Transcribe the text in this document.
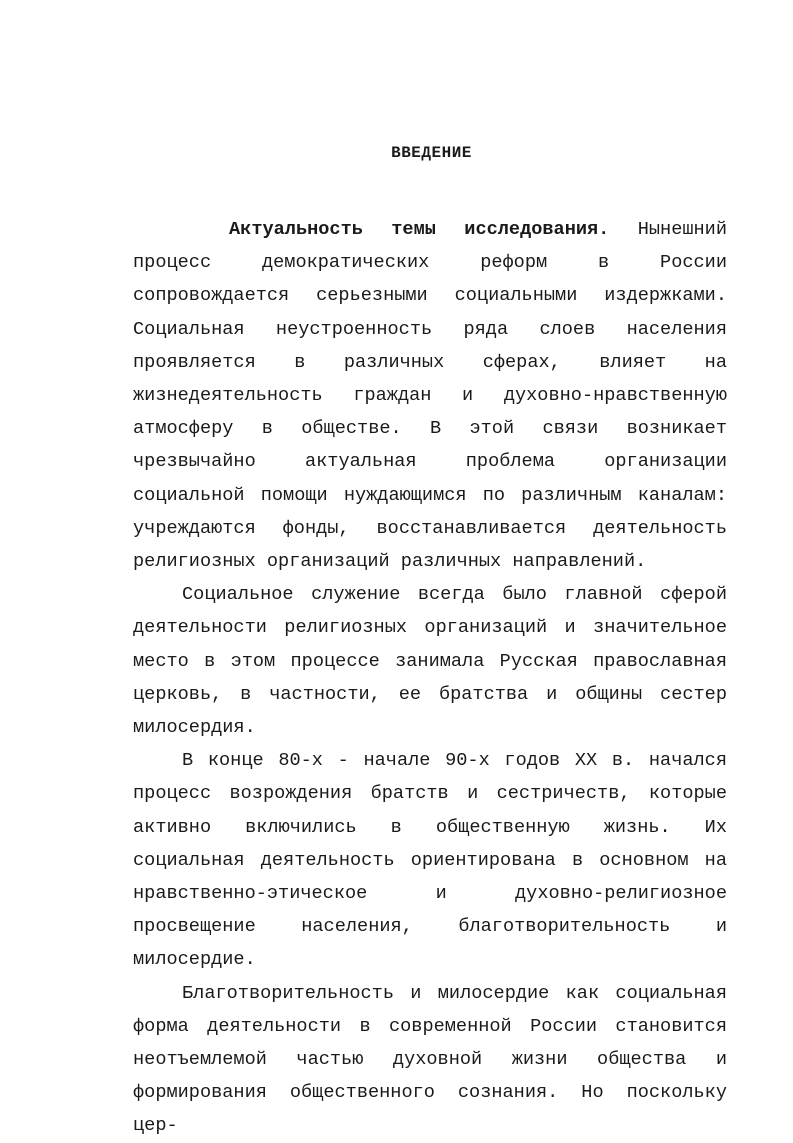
ВВЕДЕНИЕ

Актуальность темы исследования. Нынешний процесс демократических реформ в России сопровождается серьезными социальными издержками. Социальная неустроенность ряда слоев населения проявляется в различных сферах, влияет на жизнедеятельность граждан и духовно-нравственную атмосферу в обществе. В этой связи возникает чрезвычайно актуальная проблема организации социальной помощи нуждающимся по различным каналам: учреждаются фонды, восстанавливается деятельность религиозных организаций различных направлений.

Социальное служение всегда было главной сферой деятельности религиозных организаций и значительное место в этом процессе занимала Русская православная церковь, в частности, ее братства и общины сестер милосердия.

В конце 80-х - начале 90-х годов XX в. начался процесс возрождения братств и сестричеств, которые активно включились в общественную жизнь. Их социальная деятельность ориентирована в основном на нравственно-этическое и духовно-религиозное просвещение населения, благотворительность и милосердие.

Благотворительность и милосердие как социальная форма деятельности в современной России становится неотъемлемой частью духовной жизни общества и формирования общественного сознания. Но поскольку цер-
